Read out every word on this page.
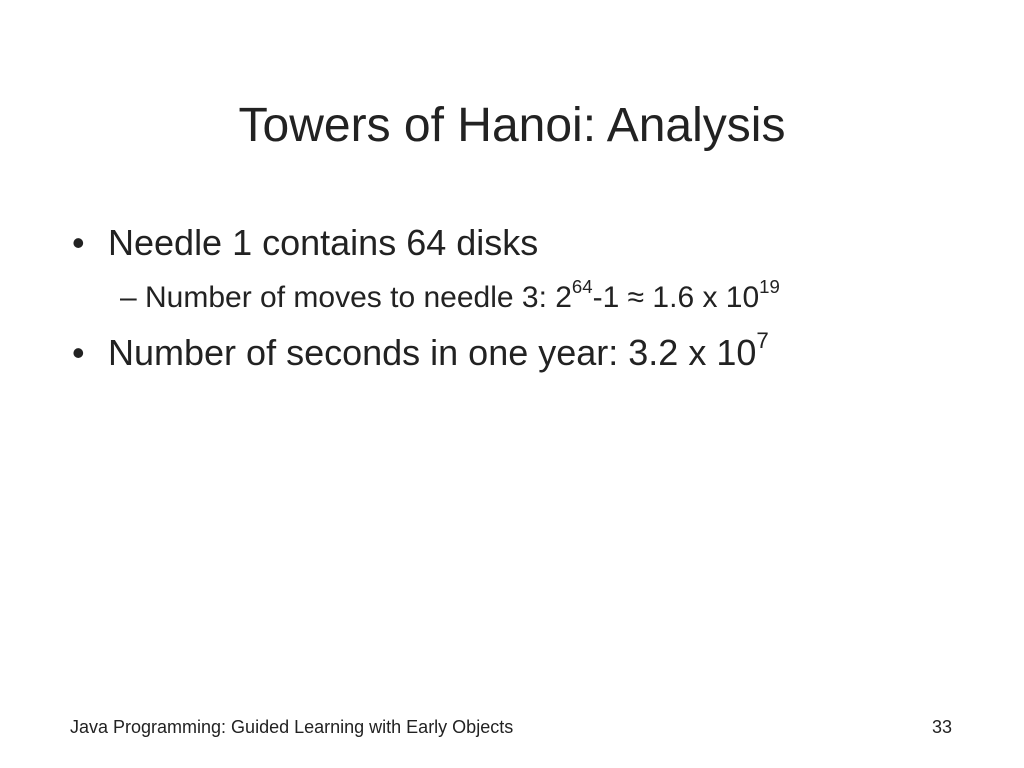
Towers of Hanoi: Analysis
• Needle 1 contains 64 disks
– Number of moves to needle 3: $2^{64}-1 \approx 1.6$ x $10^{19}$
• Number of seconds in one year: 3.2 x $10^7$
Java Programming: Guided Learning with Early Objects	33
